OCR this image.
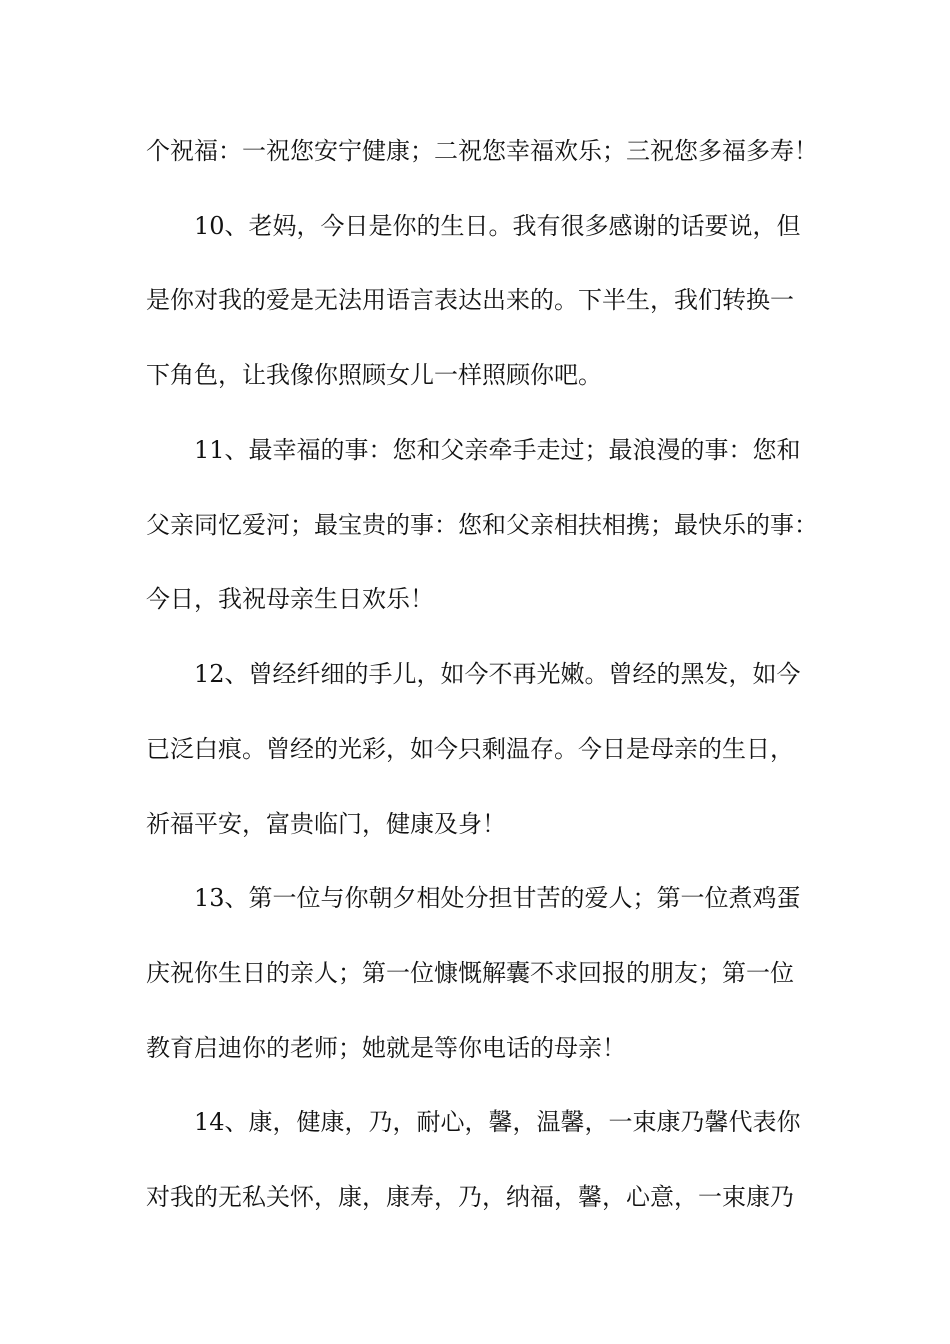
个祝福：一祝您安宁健康；二祝您幸福欢乐；三祝您多福多寿！
10、老妈，今日是你的生日。我有很多感谢的话要说，但
是你对我的爱是无法用语言表达出来的。下半生，我们转换一
下角色，让我像你照顾女儿一样照顾你吧。
11、最幸福的事：您和父亲牵手走过；最浪漫的事：您和
父亲同忆爱河；最宝贵的事：您和父亲相扶相携；最快乐的事：
今日，我祝母亲生日欢乐！
12、曾经纤细的手儿，如今不再光嫩。曾经的黑发，如今
已泛白痕。曾经的光彩，如今只剩温存。今日是母亲的生日，
祈福平安，富贵临门，健康及身！
13、第一位与你朝夕相处分担甘苦的爱人；第一位煮鸡蛋
庆祝你生日的亲人；第一位慷慨解囊不求回报的朋友；第一位
教育启迪你的老师；她就是等你电话的母亲！
14、康，健康，乃，耐心，馨，温馨，一束康乃馨代表你
对我的无私关怀，康，康寿，乃，纳福，馨，心意，一束康乃
